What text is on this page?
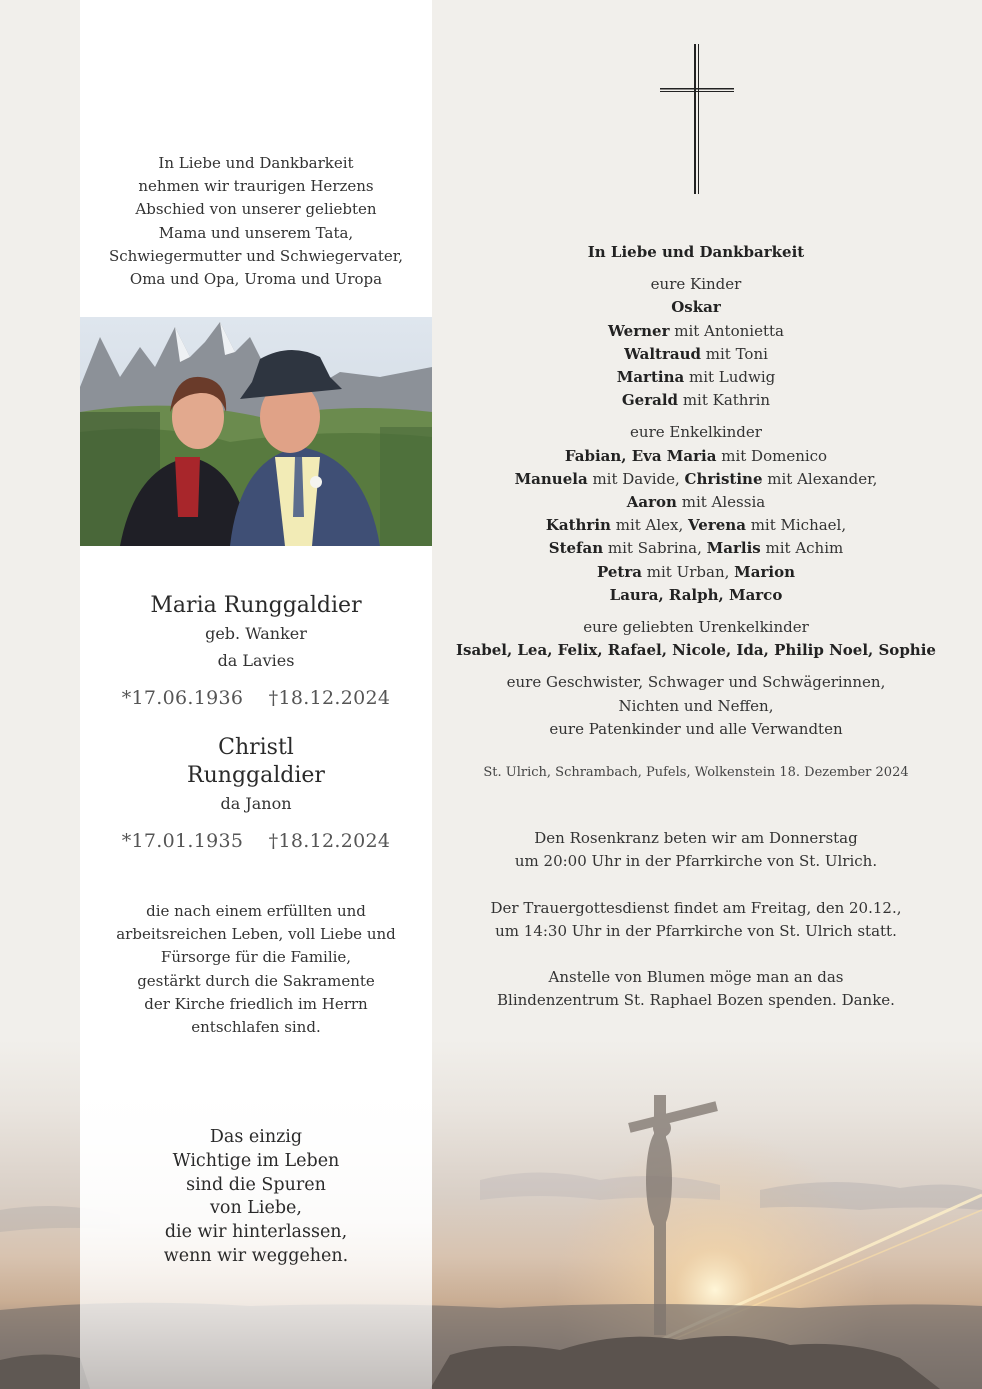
In Liebe und Dankbarkeit
nehmen wir traurigen Herzens
Abschied von unserer geliebten
Mama und unserem Tata,
Schwiegermutter und Schwiegervater,
Oma und Opa, Uroma und Uropa
Maria Runggaldier
geb. Wanker
da Lavies
*17.06.1936 †18.12.2024
Christl
Runggaldier
da Janon
*17.01.1935 †18.12.2024
die nach einem erfüllten und
arbeitsreichen Leben, voll Liebe und
Fürsorge für die Familie,
gestärkt durch die Sakramente
der Kirche friedlich im Herrn
entschlafen sind.
Das einzig
Wichtige im Leben
sind die Spuren
von Liebe,
die wir hinterlassen,
wenn wir weggehen.
In Liebe und Dankbarkeit
eure Kinder
Oskar
Werner mit Antonietta
Waltraud mit Toni
Martina mit Ludwig
Gerald mit Kathrin
eure Enkelkinder
Fabian, Eva Maria mit Domenico
Manuela mit Davide, Christine mit Alexander,
Aaron mit Alessia
Kathrin mit Alex, Verena mit Michael,
Stefan mit Sabrina, Marlis mit Achim
Petra mit Urban, Marion
Laura, Ralph, Marco
eure geliebten Urenkelkinder
Isabel, Lea, Felix, Rafael, Nicole, Ida, Philip Noel, Sophie
eure Geschwister, Schwager und Schwägerinnen,
Nichten und Neffen,
eure Patenkinder und alle Verwandten
St. Ulrich, Schrambach, Pufels, Wolkenstein 18. Dezember 2024
Den Rosenkranz beten wir am Donnerstag
um 20:00 Uhr in der Pfarrkirche von St. Ulrich.
Der Trauergottesdienst findet am Freitag, den 20.12.,
um 14:30 Uhr in der Pfarrkirche von St. Ulrich statt.
Anstelle von Blumen möge man an das
Blindenzentrum St. Raphael Bozen spenden. Danke.
